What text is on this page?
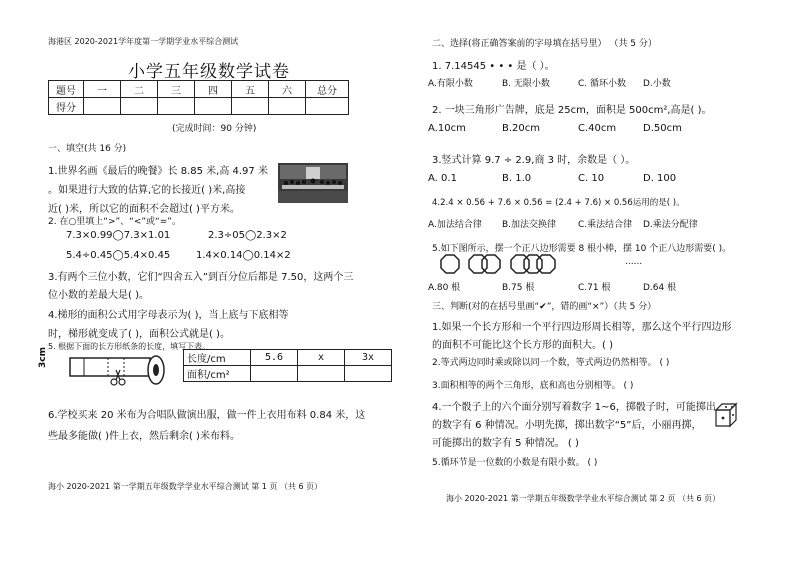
海港区 2020-2021学年度第一学期学业水平综合测试
小学五年级数学试卷
题号	一	二	三	四	五	六	总分
得分							
(完成时间：90 分钟)
一、填空(共 16 分)
1.世界名画《最后的晚餐》长 8.85 米,高 4.97 米
。如果进行大致的估算,它的长接近( )米,高接
近( )米，所以它的面积不会超过( )平方米。
2. 在○里填上“>”、“<”或“=”。
7.3×0.99◯7.3×1.01	2.3÷05◯2.3×2
5.4÷0.45◯5.4×0.45	1.4×0.14◯0.14×2
3.有两个三位小数，它们“四舍五入”到百分位后都是 7.50，这两个三
位小数的差最大是( )。
4.梯形的面积公式用字母表示为( )，当上底与下底相等
时，梯形就变成了( )，面积公式就是( )。
5. 根据下面的长方形纸条的长度，填写下表。
3cm	长度/cm	5.6	x	3x
面积/cm²			
6.学校买来 20 米布为合唱队做演出服，做一件上衣用布料 0.84 米，这
些最多能做( )件上衣，然后剩余( )米布料。
海小 2020-2021 第一学期五年级数学学业水平综合测试 第 1 页 （共 6 页）
二、选择(将正确答案前的字母填在括号里） （共 5 分）
1. 7.14545 • • • 是（ ）。
A.有限小数	B. 无限小数	C. 循环小数 D.小数
2. 一块三角形广告牌，底是 25cm，面积是 500cm²,高是( )。
A.10cm	B.20cm	C.40cm	D.50cm
3.竖式计算 9.7 ÷ 2.9,商 3 时，余数是（ ）。
A. 0.1	B. 1.0	C. 10	D. 100
4.2.4 × 0.56 + 7.6 × 0.56 = (2.4 + 7.6) × 0.56运用的是( )。
A.加法结合律 B.加法交换律 C.乘法结合律 D.乘法分配律
5.如下图所示，摆一个正八边形需要 8 根小棒，摆 10 个正八边形需要( )。
......
A.80 根	B.75 根	C.71 根	D.64 根
三、判断(对的在括号里画“✔”，错的画“×”）（共 5 分）
1.如果一个长方形和一个平行四边形周长相等，那么这个平行四边形
的面积不可能比这个长方形的面积大。( )
2.等式两边同时乘或除以同一个数，等式两边仍然相等。 ( )
3.面积相等的两个三角形，底和高也分别相等。 ( )
4.一个骰子上的六个面分别写着数字 1~6，掷骰子时，可能掷出
的数字有 6 种情况。小明先掷，掷出数字“5”后，小丽再掷，
可能掷出的数字有 5 种情况。 ( )
5.循环节是一位数的小数是有限小数。 ( )
海小 2020-2021 第一学期五年级数学学业水平综合测试 第 2 页 （共 6 页）
